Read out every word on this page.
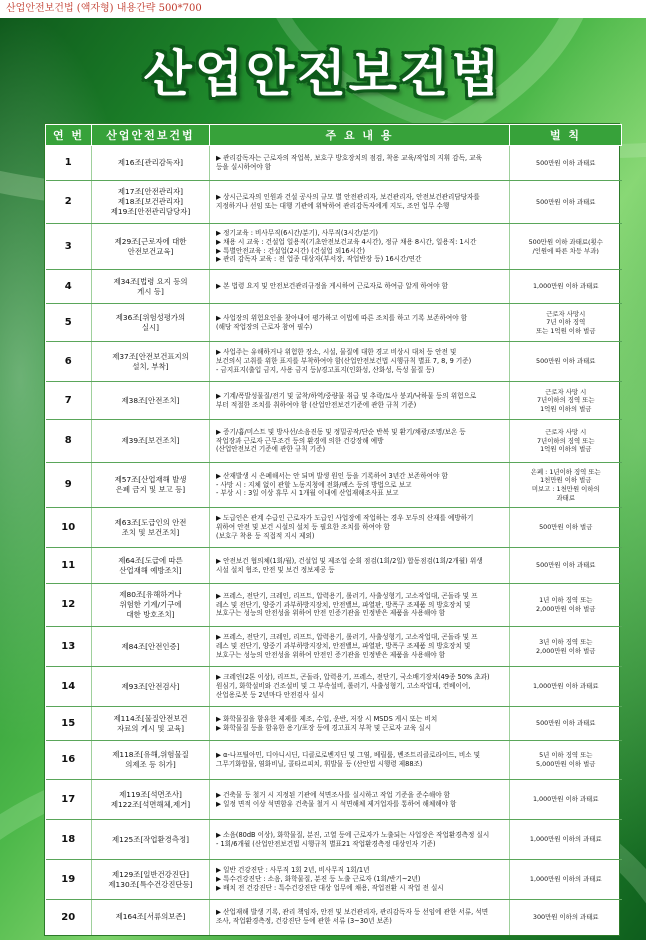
산업안전보건법 (액자형) 내용간략 500*700
산업안전보건법
연 번	산업안전보건법	주 요 내 용	벌 칙
1	제16조[관리감독자]	▶ 관리감독자는 근로자의 작업복, 보호구 방호장치의 점검, 착용 교육/작업의 지휘 감독, 교육
등을 실시하여야 함	500만원 이하 과태료

2	제17조[안전관리자]
제18조[보건관리자]
제19조[안전관리담당자]	▶ 상시근로자의 인원과 건설 공사의 규모 별 안전관리자, 보건관리자, 안전보건관리담당자를
지정하거나 선임 또는 대행 기관에 위탁하여 관리감독자에게 지도, 조언 업무 수행	500만원 이하 과태료

3	제29조[근로자에 대한
안전보건교육]	▶ 정기교육 : 비사무직(6시간/분기), 사무직(3시간/분기)
▶ 채용 시 교육 : 건설업 일용직(기초안전보건교육 4시간), 정규 채용 8시간, 일용직: 1시간
▶ 특별안전교육 : 건설업(2시간) (건설업 외16시간)
▶ 관리 감독자 교육 : 전 업종 대상자(부서장, 작업반장 등) 16시간/연간	500만원 이하 과태료(횟수
/인원에 따른 차등 부과)

4	제34조[법령 요지 등의
게시 등]	▶ 본 법령 요지 및 안전보건관리규정을 게시하여 근로자로 하여금 알게 하여야 함	1,000만원 이하 과태료

5	제36조[위험성평가의
실시]	▶ 사업장의 위험요인을 찾아내어 평가하고 이법에 따른 조치를 하고 기록 보존하여야 함
(해당 작업장의 근로자 참여 필수)	근로자 사망시
7년 이하 징역
또는 1억원 이하 벌금

6	제37조[안전보건표지의
설치, 부착]	▶ 사업주는 유해하거나 위험한 장소, 시설, 물질에 대한 경고 비상시 대처 등 안전 및
보건의식 고취를 위한 표지를 부착하여야 함(산업안전보건법 시행규칙 별표 7, 8, 9 기준)
- 금지표지(출입 금지, 사용 금지 등)/경고표지(인화성, 산화성, 독성 물질 등)	500만원 이하 과태료

7	제38조[안전조치]	▶ 기계/폭발성물질/전기 및 굴착/하역/중량물 취급 및 추락/토사 붕괴/낙하물 등의 위험으로
부터 적절한 조치를 취하여야 함 (산업안전보건기준에 관한 규칙 기준)	근로자 사망 시
7년이하의 징역 또는
1억원 이하의 벌금

8	제39조[보건조치]	▶ 증기/흄/미스트 및 방사선/소음진동 및 정밀공작/단순 반복 및 환기/채광/조명/보온 등
작업장과 근로자 근무조건 등의 환경에 의한 건강장해 예방
(산업안전보건 기준에 관한 규칙 기준)	근로자 사망 시
7년이하의 징역 또는
1억원 이하의 벌금

9	제57조[산업재해 발생
은폐 금지 및 보고 등]	▶ 산재발생 시 은폐해서는 안 되며 발생 원인 등을 기록하여 3년간 보존하여야 함
- 사망 시 : 지체 없이 관할 노동지청에 전화/팩스 등의 방법으로 보고
- 부상 시 : 3일 이상 휴무 시 1개월 이내에 산업재해조사표 보고	은폐 : 1년이하 징역 또는
1천만원 이하 벌금
미보고 : 1천만원 이하의
과태료

10	제63조[도급인의 안전
조치 및 보건조치]	▶ 도급인은 관계 수급인 근로자가 도급인 사업장에 작업하는 경우 모두의 산재를 예방하기
위하여 안전 및 보건 시설의 설치 등 필요한 조치를 하여야 함
(보호구 착용 등 직접적 지시 제외)	500만원 이하 벌금

11	제64조[도급에 따른
산업재해 예방조치]	▶ 안전보건 협의체(1회/월), 건설업 및 제조업 순회 점검(1회/2일) 합동점검(1회/2개월) 위생
시설 설치 협조, 안전 및 보건 정보제공 등	500만원 이하 과태료

12	제80조[유해하거나
위험한 기계/기구에
대한 방호조치]	▶ 프레스, 전단기, 크레인, 리프트, 압력용기, 롤러기, 사출성형기, 고소작업대, 곤돌라 및 프
레스 및 전단기, 양중기 과부하방지장치, 안전밸브, 파열판, 방폭구 조제품 의 방호장치 및
보호구는 성능의 안전성을 위하여 안전 인증기관을 인정받은 제품을 사용해야 함	1년 이하 징역 또는
2,000만원 이하 벌금

13	제84조[안전인증]	▶ 프레스, 전단기, 크레인, 리프트, 압력용기, 롤러기, 사출성형기, 고소작업대, 곤돌라 및 프
레스 및 전단기, 양중기 과부하방지장치, 안전밸브, 파열판, 방폭구 조제품 의 방호장치 및
보호구는 성능의 안전성을 위하여 안전인 증기관을 인정받은 제품을 사용해야 함	3년 이하 징역 또는
2,000만원 이하 벌금

14	제93조[안전검사]	▶ 크레인(2톤 이상), 리프트, 곤돌라, 압력용기, 프레스, 전단기, 국소배기장치(49종 50% 초과)
원심기, 화학설비와 건조설비 및 그 부속설비, 롤러기, 사출성형기, 고소작업대, 컨베이어,
산업용로봇 등 2년마다 안전검사 실시	1,000만원 이하 과태료

15	제114조[물질안전보건
자료의 게시 및 교육]	▶ 화학물질을 함유한 제제를 제조, 수입, 운반, 저장 시 MSDS 게시 또는 비치
▶ 화학물질 등을 함유한 용기/포장 등에 경고표지 부착 및 근로자 교육 실시	500만원 이하 과태료

16	제118조[유해,위험물질
의제조 등 허가]	▶ α-나프틸아민, 디아니시딘, 디클로로벤지딘 및 그염, 베릴륨, 벤조트리클로라이드, 비소 및
그무기화합물, 염화비닐, 콜타르피치, 휘발물 등 (산안법 시행령 제88조)	5년 이하 징역 또는
5,000만원 이하 벌금

17	제119조[석면조사]
제122조[석면해체,제거]	▶ 건축물 등 철거 시 지정된 기관에 석면조사를 실시하고 작업 기준을 준수해야 함
▶ 일정 면적 이상 석면함유 건축물 철거 시 석면해체 제거업자를 통하여 해체해야 함	1,000만원 이하 과태료

18	제125조[작업환경측정]	▶ 소음(80dB 이상), 화학물질, 분진, 고열 등에 근로자가 노출되는 사업장은 작업환경측정 실시
- 1회/6개월 (산업안전보건법 시행규칙 별표21 작업환경측정 대상인자 기준)	1,000만원 이하의 과태료

19	제129조[일반건강진단]
제130조[특수건강진단등]	▶ 일반 건강진단 : 사무직 1회 2년, 비사무직 1회/1년
▶ 특수건강진단 : 소음, 화학물질, 분진 등 노출 근로자 (1회/반기~2년)
▶ 배치 전 건강진단 : 특수건강진단 대상 업무에 채용, 작업전환 시 작업 전 실시	1,000만원 이하의 과태료

20	제164조[서류의보존]	▶ 산업재해 발생 기록, 관리 책임자, 안전 및 보건관리자, 관리감독자 등 선임에 관한 서류, 석면
조사, 작업환경측정, 건강진단 등에 관한 서류 (3~30년 보존)	300만원 이하의 과태료
